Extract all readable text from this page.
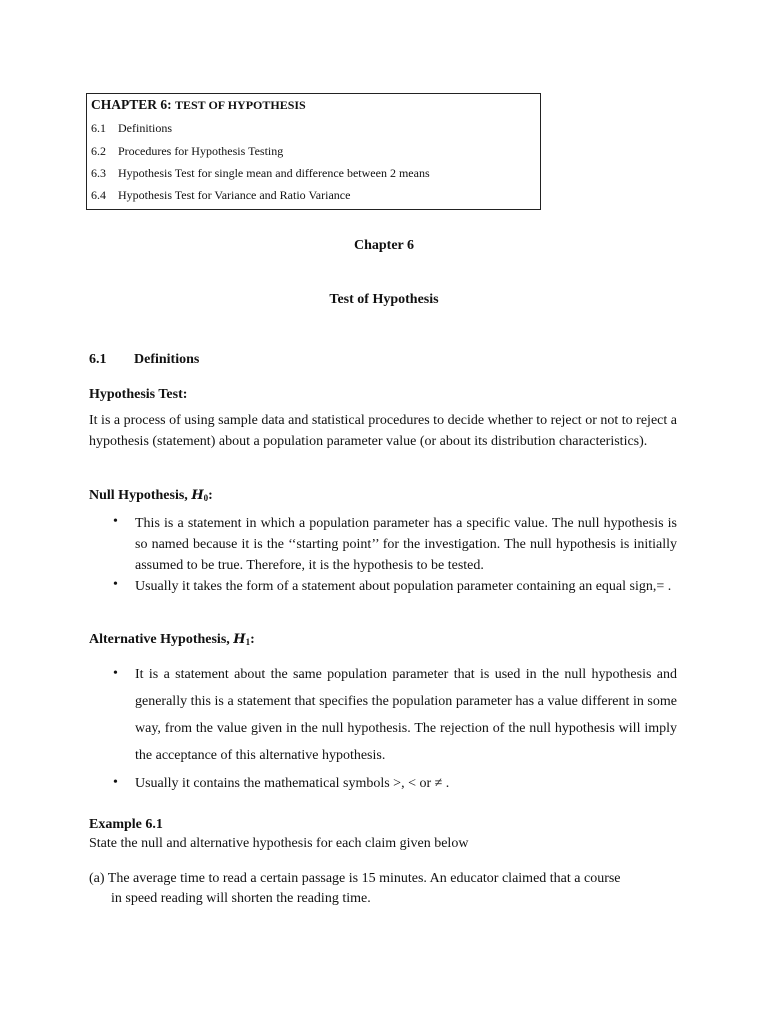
CHAPTER 6: TEST OF HYPOTHESIS
6.1 Definitions
6.2 Procedures for Hypothesis Testing
6.3 Hypothesis Test for single mean and difference between 2 means
6.4 Hypothesis Test for Variance and Ratio Variance
Chapter 6
Test of Hypothesis
6.1 Definitions
Hypothesis Test:
It is a process of using sample data and statistical procedures to decide whether to reject or not to reject a hypothesis (statement) about a population parameter value (or about its distribution characteristics).
Null Hypothesis, $H_0$:
• This is a statement in which a population parameter has a specific value. The null hypothesis is so named because it is the ‘‘starting point’’ for the investigation. The null hypothesis is initially assumed to be true. Therefore, it is the hypothesis to be tested.
• Usually it takes the form of a statement about population parameter containing an equal sign,= .
Alternative Hypothesis, $H_1$:
• It is a statement about the same population parameter that is used in the null hypothesis and generally this is a statement that specifies the population parameter has a value different in some way, from the value given in the null hypothesis. The rejection of the null hypothesis will imply the acceptance of this alternative hypothesis.
• Usually it contains the mathematical symbols >, < or ≠ .
Example 6.1
State the null and alternative hypothesis for each claim given below
(a) The average time to read a certain passage is 15 minutes. An educator claimed that a course
in speed reading will shorten the reading time.
